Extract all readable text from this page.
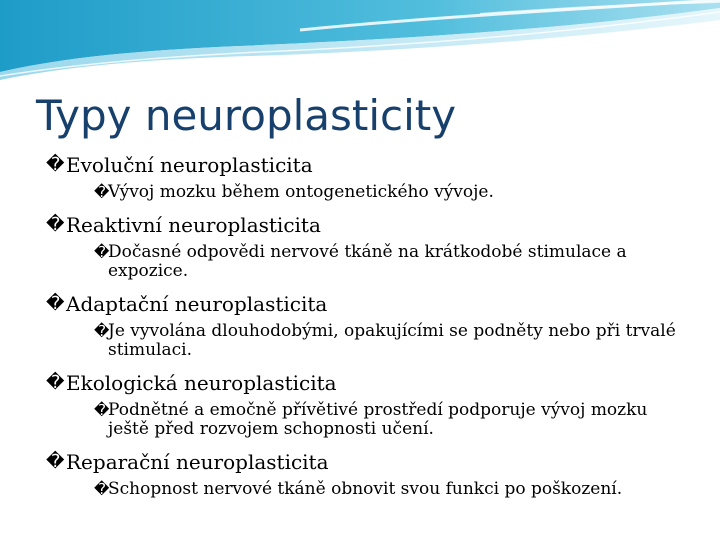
Typy neuroplasticity
� Evoluční neuroplasticita
�
Vývoj mozku během ontogenetického vývoje.
� Reaktivní neuroplasticita
�
Dočasné odpovědi nervové tkáně na krátkodobé stimulace a expozice.
� Adaptační neuroplasticita
�
Je vyvolána dlouhodobými, opakujícími se podněty nebo při trvalé stimulaci.
� Ekologická neuroplasticita
�
Podnětné a emočně přívětivé prostředí podporuje vývoj mozku ještě před rozvojem schopnosti učení.
� Reparační neuroplasticita
�
Schopnost nervové tkáně obnovit svou funkci po poškození.
